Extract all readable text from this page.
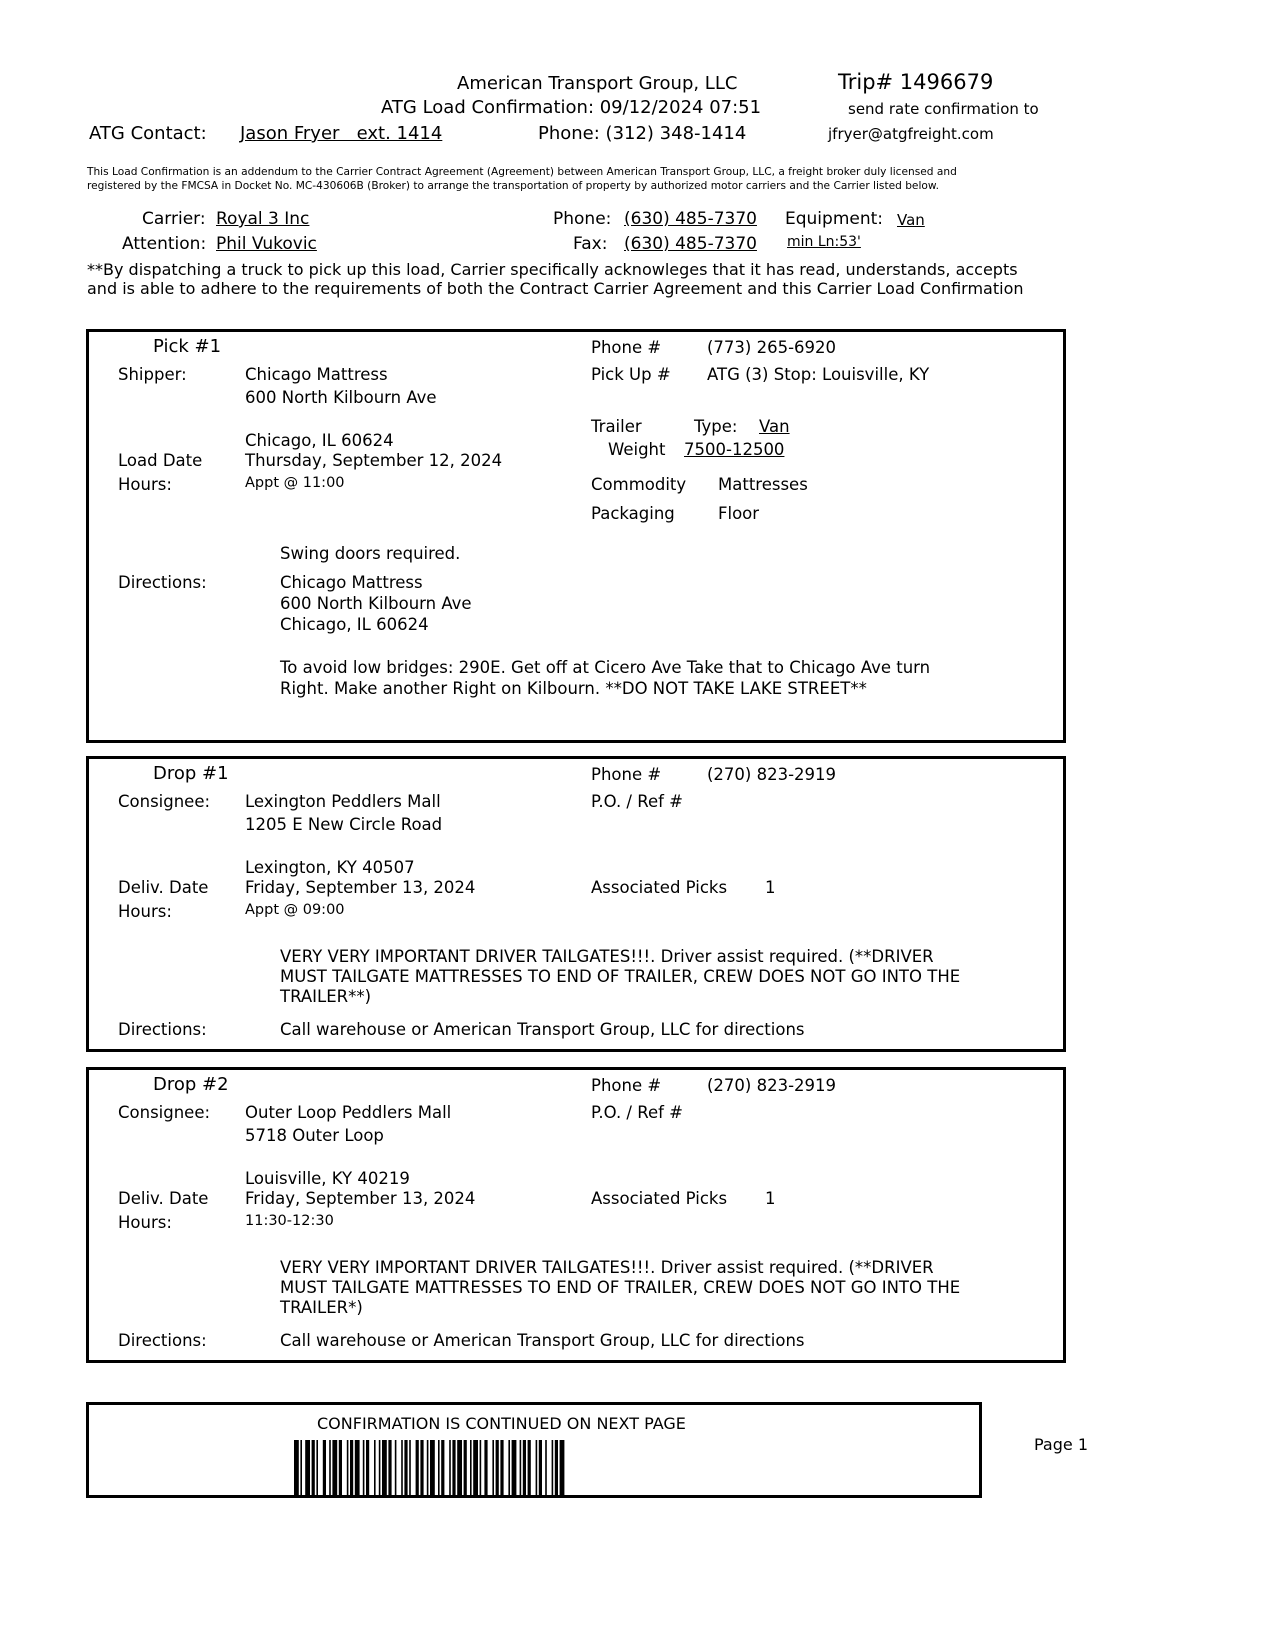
American Transport Group, LLC	Trip# 1496679
ATG Load Confirmation: 09/12/2024 07:51	send rate confirmation to
ATG Contact: Jason Fryer   ext. 1414	Phone: (312) 348-1414	jfryer@atgfreight.com
This Load Confirmation is an addendum to the Carrier Contract Agreement (Agreement) between American Transport Group, LLC, a freight broker duly licensed and
registered by the FMCSA in Docket No. MC-430606B (Broker) to arrange the transportation of property by authorized motor carriers and the Carrier listed below.
Carrier: Royal 3 Inc
Attention: Phil Vukovic
Phone: (630) 485-7370
Fax: (630) 485-7370
Equipment: Van
min Ln:53'
**By dispatching a truck to pick up this load, Carrier specifically acknowleges that it has read, understands, accepts
and is able to adhere to the requirements of both the Contract Carrier Agreement and this Carrier Load Confirmation
Pick #1
Shipper:	Chicago Mattress
600 North Kilbourn Ave
Chicago, IL 60624
Load Date	Thursday, September 12, 2024
Hours:	Appt @ 11:00
Phone #	(773) 265-6920
Pick Up # ATG (3) Stop: Louisville, KY
Trailer	Type: Van
Weight 7500-12500
Commodity Mattresses
Packaging	Floor
Swing doors required.
Directions:	Chicago Mattress
600 North Kilbourn Ave
Chicago, IL 60624
To avoid low bridges: 290E. Get off at Cicero Ave Take that to Chicago Ave turn
Right. Make another Right on Kilbourn. **DO NOT TAKE LAKE STREET**
Drop #1
Consignee: Lexington Peddlers Mall
1205 E New Circle Road
Lexington, KY 40507
Deliv. Date Friday, September 13, 2024
Hours:	Appt @ 09:00
Phone #	(270) 823-2919
P.O. / Ref #
Associated Picks 1
VERY VERY IMPORTANT DRIVER TAILGATES!!!. Driver assist required. (**DRIVER
MUST TAILGATE MATTRESSES TO END OF TRAILER, CREW DOES NOT GO INTO THE
TRAILER**)
Directions:	Call warehouse or American Transport Group, LLC for directions
Drop #2
Consignee: Outer Loop Peddlers Mall
5718 Outer Loop
Louisville, KY 40219
Deliv. Date Friday, September 13, 2024
Hours:	11:30-12:30
Phone #	(270) 823-2919
P.O. / Ref #
Associated Picks 1
VERY VERY IMPORTANT DRIVER TAILGATES!!!. Driver assist required. (**DRIVER
MUST TAILGATE MATTRESSES TO END OF TRAILER, CREW DOES NOT GO INTO THE
TRAILER*)
Directions:	Call warehouse or American Transport Group, LLC for directions
CONFIRMATION IS CONTINUED ON NEXT PAGE
Page 1
